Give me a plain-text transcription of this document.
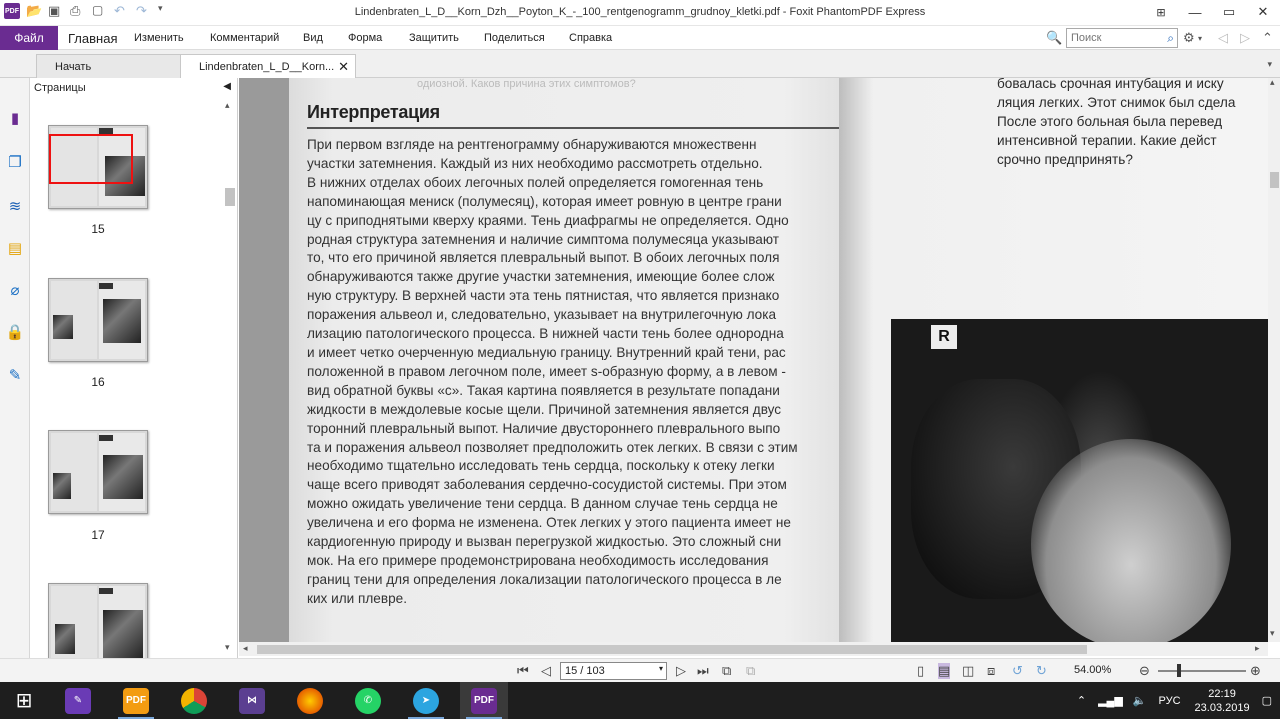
PDF 📂 ▣ ⎙ ▢ ↶ ↷	▾	Lindenbraten_L_D__Korn_Dzh__Poyton_K_-_100_rentgenogramm_grudnoy_kletki.pdf - Foxit PhantomPDF Express	⊞	—	▭	✕
Файл	Главная	Изменить	Комментарий	Вид	Форма	Защитить	Поделиться	Справка	🔍
Поиск	⌕ ⚙ ▾ ◁ ▷ ⌃
Начать	Lindenbraten_L_D__Korn... ✕	▾
▮
❐
≋
▤
⌀
🔒
✎
Страницы	◀
15
16
17
▴
▾
одиозной. Каков причина этих симптомов?
Интерпретация

При первом взгляде на рентгенограмму обнаруживаются множественн

участки затемнения. Каждый из них необходимо рассмотреть отдельно.

В нижних отделах обоих легочных полей определяется гомогенная тень

напоминающая мениск (полумесяц), которая имеет ровную в центре грани

цу с приподнятыми кверху краями. Тень диафрагмы не определяется. Одно

родная структура затемнения и наличие симптома полумесяца указывают

то, что его причиной является плевральный выпот. В обоих легочных поля

обнаруживаются также другие участки затемнения, имеющие более слож

ную структуру. В верхней части эта тень пятнистая, что является признако

поражения альвеол и, следовательно, указывает на внутрилегочную лока

лизацию патологического процесса. В нижней части тень более однородна

и имеет четко очерченную медиальную границу. Внутренний край тени, рас

положенной в правом легочном поле, имеет s-образную форму, а в левом -

вид обратной буквы «с». Такая картина появляется в результате попадани

жидкости в междолевые косые щели. Причиной затемнения является двус

торонний плевральный выпот. Наличие двустороннего плеврального выпо

та и поражения альвеол позволяет предположить отек легких. В связи с этим

необходимо тщательно исследовать тень сердца, поскольку к отеку легки

чаще всего приводят заболевания сердечно-сосудистой системы. При этом

можно ожидать увеличение тени сердца. В данном случае тень сердца не

увеличена и его форма не изменена. Отек легких у этого пациента имеет не

кардиогенную природу и вызван перегрузкой жидкостью. Это сложный сни

мок. На его примере продемонстрирована необходимость исследования

границ тени для определения локализации патологического процесса в ле

ких или плевре.

бовалась срочная интубация и иску

ляция легких. Этот снимок был сдела

После этого больная была перевед

интенсивной терапии. Какие дейст

срочно предпринять?

R
▴
▾
◂	▸
⏮ ◁	15 / 103	▾ ▷ ⏭ ⧉ ⧉	▯ ▤ ◫ ⧈ ↺ ↻ 54.00% ⊖	⊕
⊞	✎	PDF	⋈	✆	➤	PDF	⌃ ▂▄▆ 🔈 РУС
22:19
23.03.2019
▢
